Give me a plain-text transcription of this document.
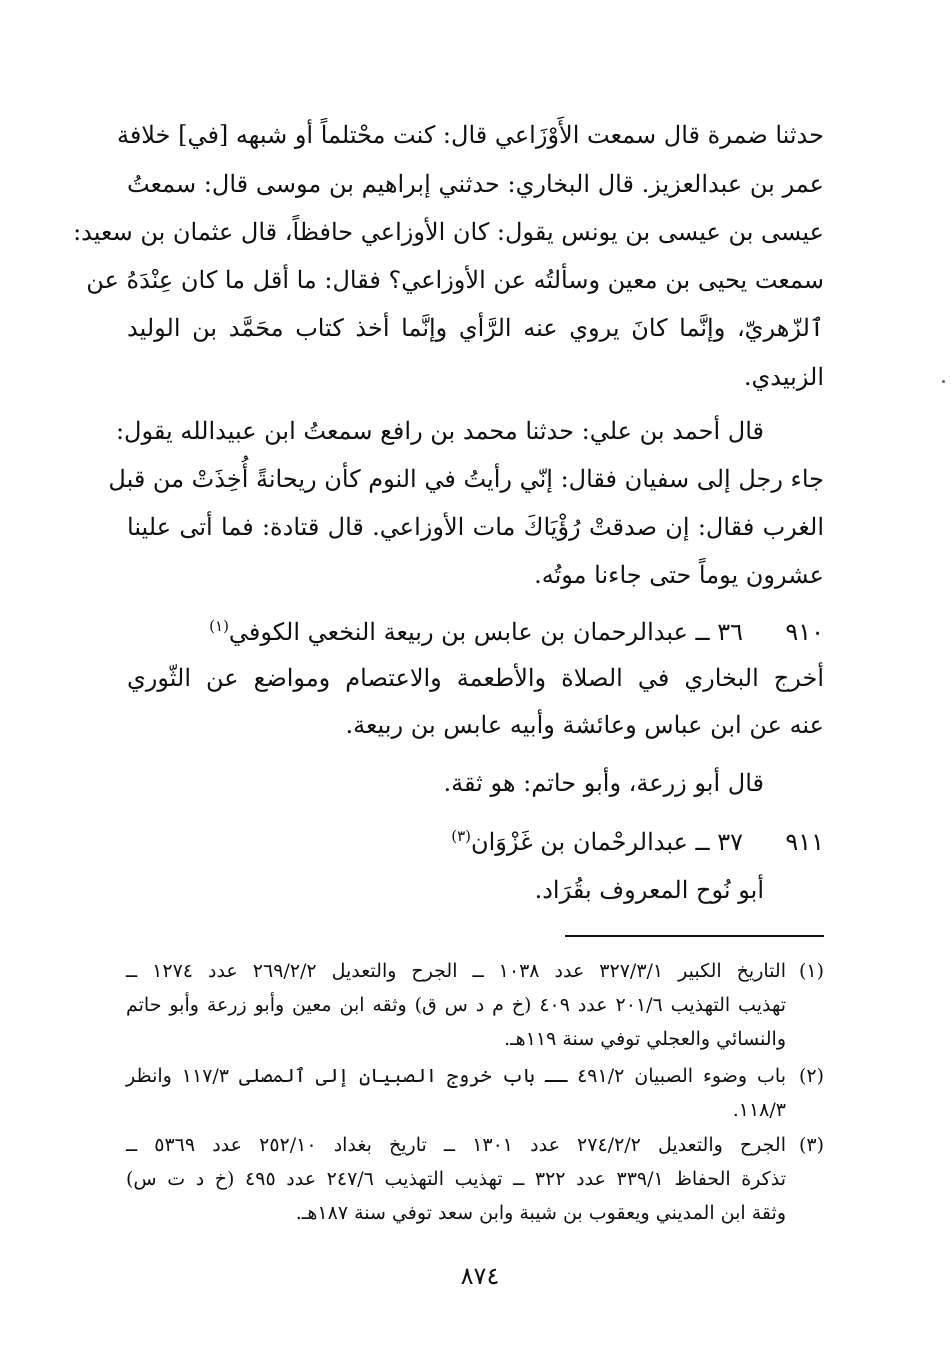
حدثنا ضمرة قال سمعت الأَوْزَاعي قال: كنت محْتلماً أو شبهه [في] خلافة
عمر بن عبدالعزيز. قال البخاري: حدثني إبراهيم بن موسى قال: سمعتُ
عيسى بن عيسى بن يونس يقول: كان الأوزاعي حافظاً، قال عثمان بن سعيد:
سمعت يحيى بن معين وسألتُه عن الأوزاعي؟ فقال: ما أقل ما كان عِنْدَهُ عن
ٱلزّهريّ، وإنَّما كانَ يروي عنه الرَّأي وإنَّما أخذ كتاب محَمَّد بن الوليد
الزبيدي.
قال أحمد بن علي: حدثنا محمد بن رافع سمعتُ ابن عبيدالله يقول:
جاء رجل إلى سفيان فقال: إنّي رأيتُ في النوم كأن ريحانةً أُخِذَتْ من قبل
الغرب فقال: إن صدقتْ رُؤْيَاكَ مات الأوزاعي. قال قتادة: فما أتى علينا
عشرون يوماً حتى جاءنا موتُه.
٩١٠
٣٦ ــ عبدالرحمان بن عابس بن ربيعة النخعي الكوفي$^{(١)}$
أخرج البخاري في الصلاة والأطعمة والاعتصام ومواضع عن الثّوري
عنه عن ابن عباس وعائشة وأبيه عابس بن ربيعة.
قال أبو زرعة، وأبو حاتم: هو ثقة.
٩١١
٣٧ ــ عبدالرحْمان بن غَزْوَان$^{(٣)}$
أبو نُوح المعروف بقُرَاد.
(١)
التاريخ الكبير ٣٢٧/٣/١ عدد ١٠٣٨ ــ الجرح والتعديل ٢٦٩/٢/٢ عدد ١٢٧٤ ــ
تهذيب التهذيب ٢٠١/٦ عدد ٤٠٩ (خ م د س ق) وثقه ابن معين وأبو زرعة وأبو حاتم
والنسائي والعجلي توفي سنة ١١٩هـ.
(٢)
باب وضوء الصبيان ٤٩١/٢ ــ باب خروج الصبيان إلى ٱلمصلى ١١٧/٣ وانظر
١١٨/٣.
(٣)
الجرح والتعديل ٢٧٤/٢/٢ عدد ١٣٠١ ــ تاريخ بغداد ٢٥٢/١٠ عدد ٥٣٦٩ ــ
تذكرة الحفاظ ٣٣٩/١ عدد ٣٢٢ ــ تهذيب التهذيب ٢٤٧/٦ عدد ٤٩٥ (خ د ت س)
وثقة ابن المديني ويعقوب بن شيبة وابن سعد توفي سنة ١٨٧هـ.
٨٧٤
